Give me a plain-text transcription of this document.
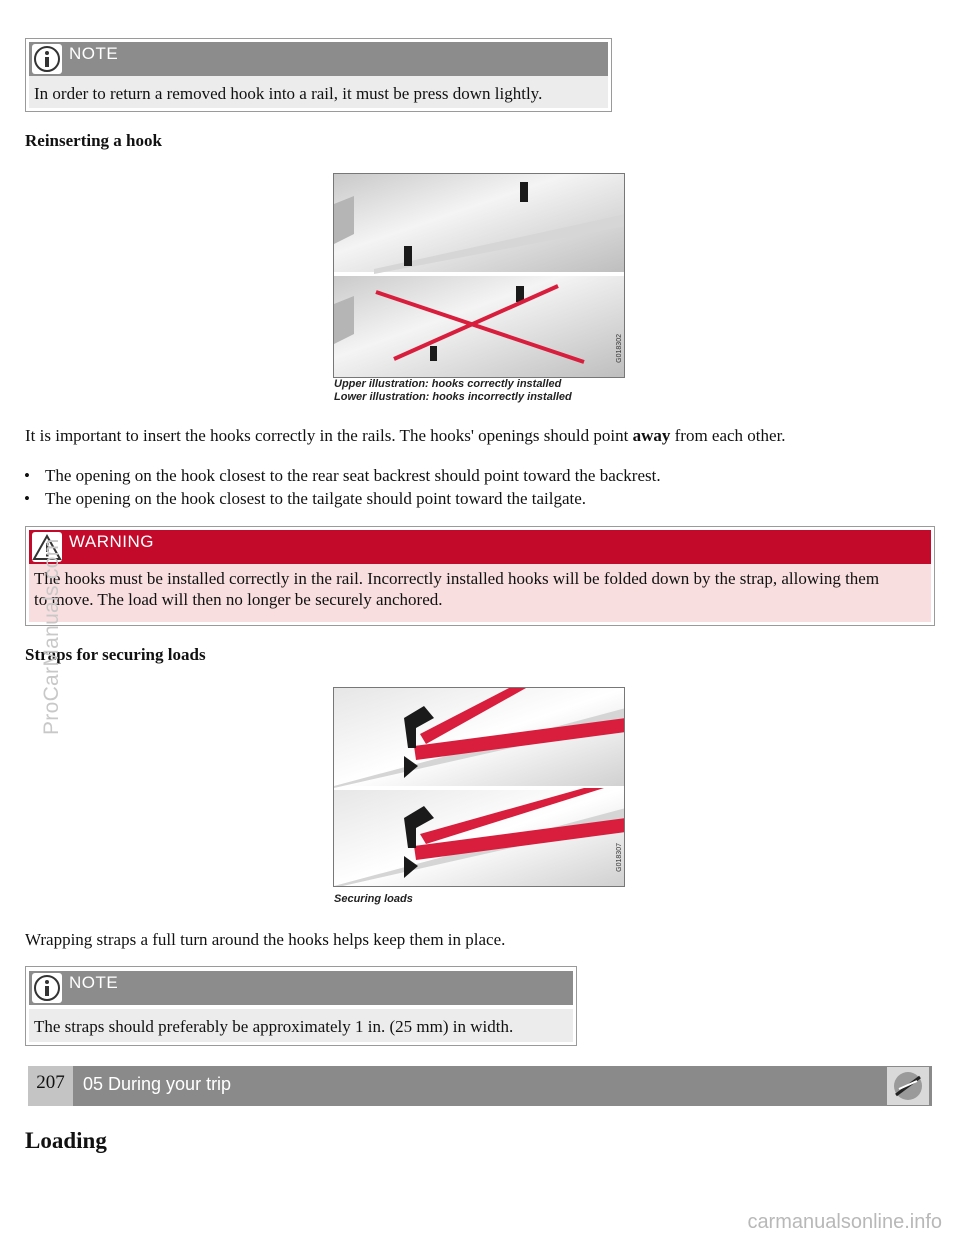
NOTE
In order to return a removed hook into a rail, it must be press down lightly.
Reinserting a hook
G018302
Upper illustration: hooks correctly installed
Lower illustration: hooks incorrectly installed
It is important to insert the hooks correctly in the rails. The hooks' openings should point away from each other.
The opening on the hook closest to the rear seat backrest should point toward the backrest.
The opening on the hook closest to the tailgate should point toward the tailgate.
WARNING
The hooks must be installed correctly in the rail. Incorrectly installed hooks will be folded down by the strap, allowing them to move. The load will then no longer be securely anchored.
Straps for securing loads
G018307
Securing loads
Wrapping straps a full turn around the hooks helps keep them in place.
NOTE
The straps should preferably be approximately 1 in. (25 mm) in width.
207	05 During your trip
Loading
ProCarManuals.com
carmanualsonline.info
